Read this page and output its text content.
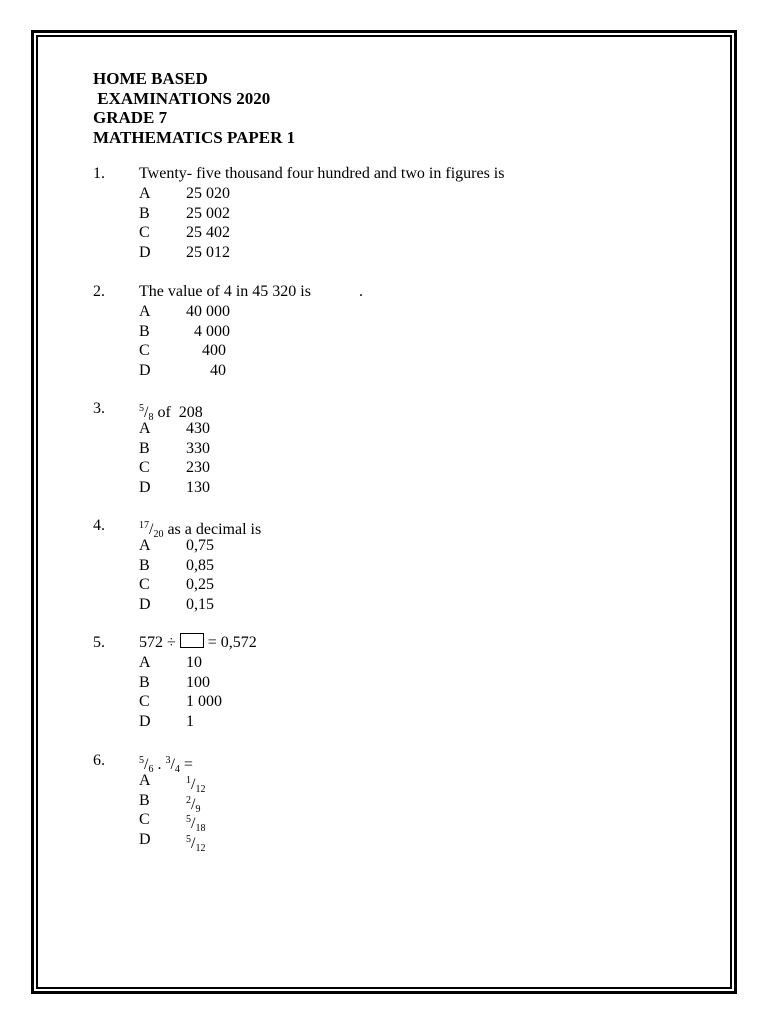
HOME BASED
EXAMINATIONS 2020
GRADE 7
MATHEMATICS PAPER 1
1. Twenty- five thousand four hundred and two in figures is
A 25 020
B 25 002
C 25 402
D 25 012
2. The value of 4 in 45 320 is            .
A 40 000
B 4 000
C 400
D 40
3.	$^5/_8$ of  208
A 430
B 330
C 230
D 130
4.	$^{17}/_{20}$ as a decimal is
A 0,75
B 0,85
C 0,25
D 0,15
5. 572 ÷ = 0,572
A 10
B 100
C 1 000
D 1
6.	$^5/_6$ . $^3/_4$ =
A	$^1/_{12}$
B	$^2/_9$
C	$^5/_{18}$
D	$^5/_{12}$
